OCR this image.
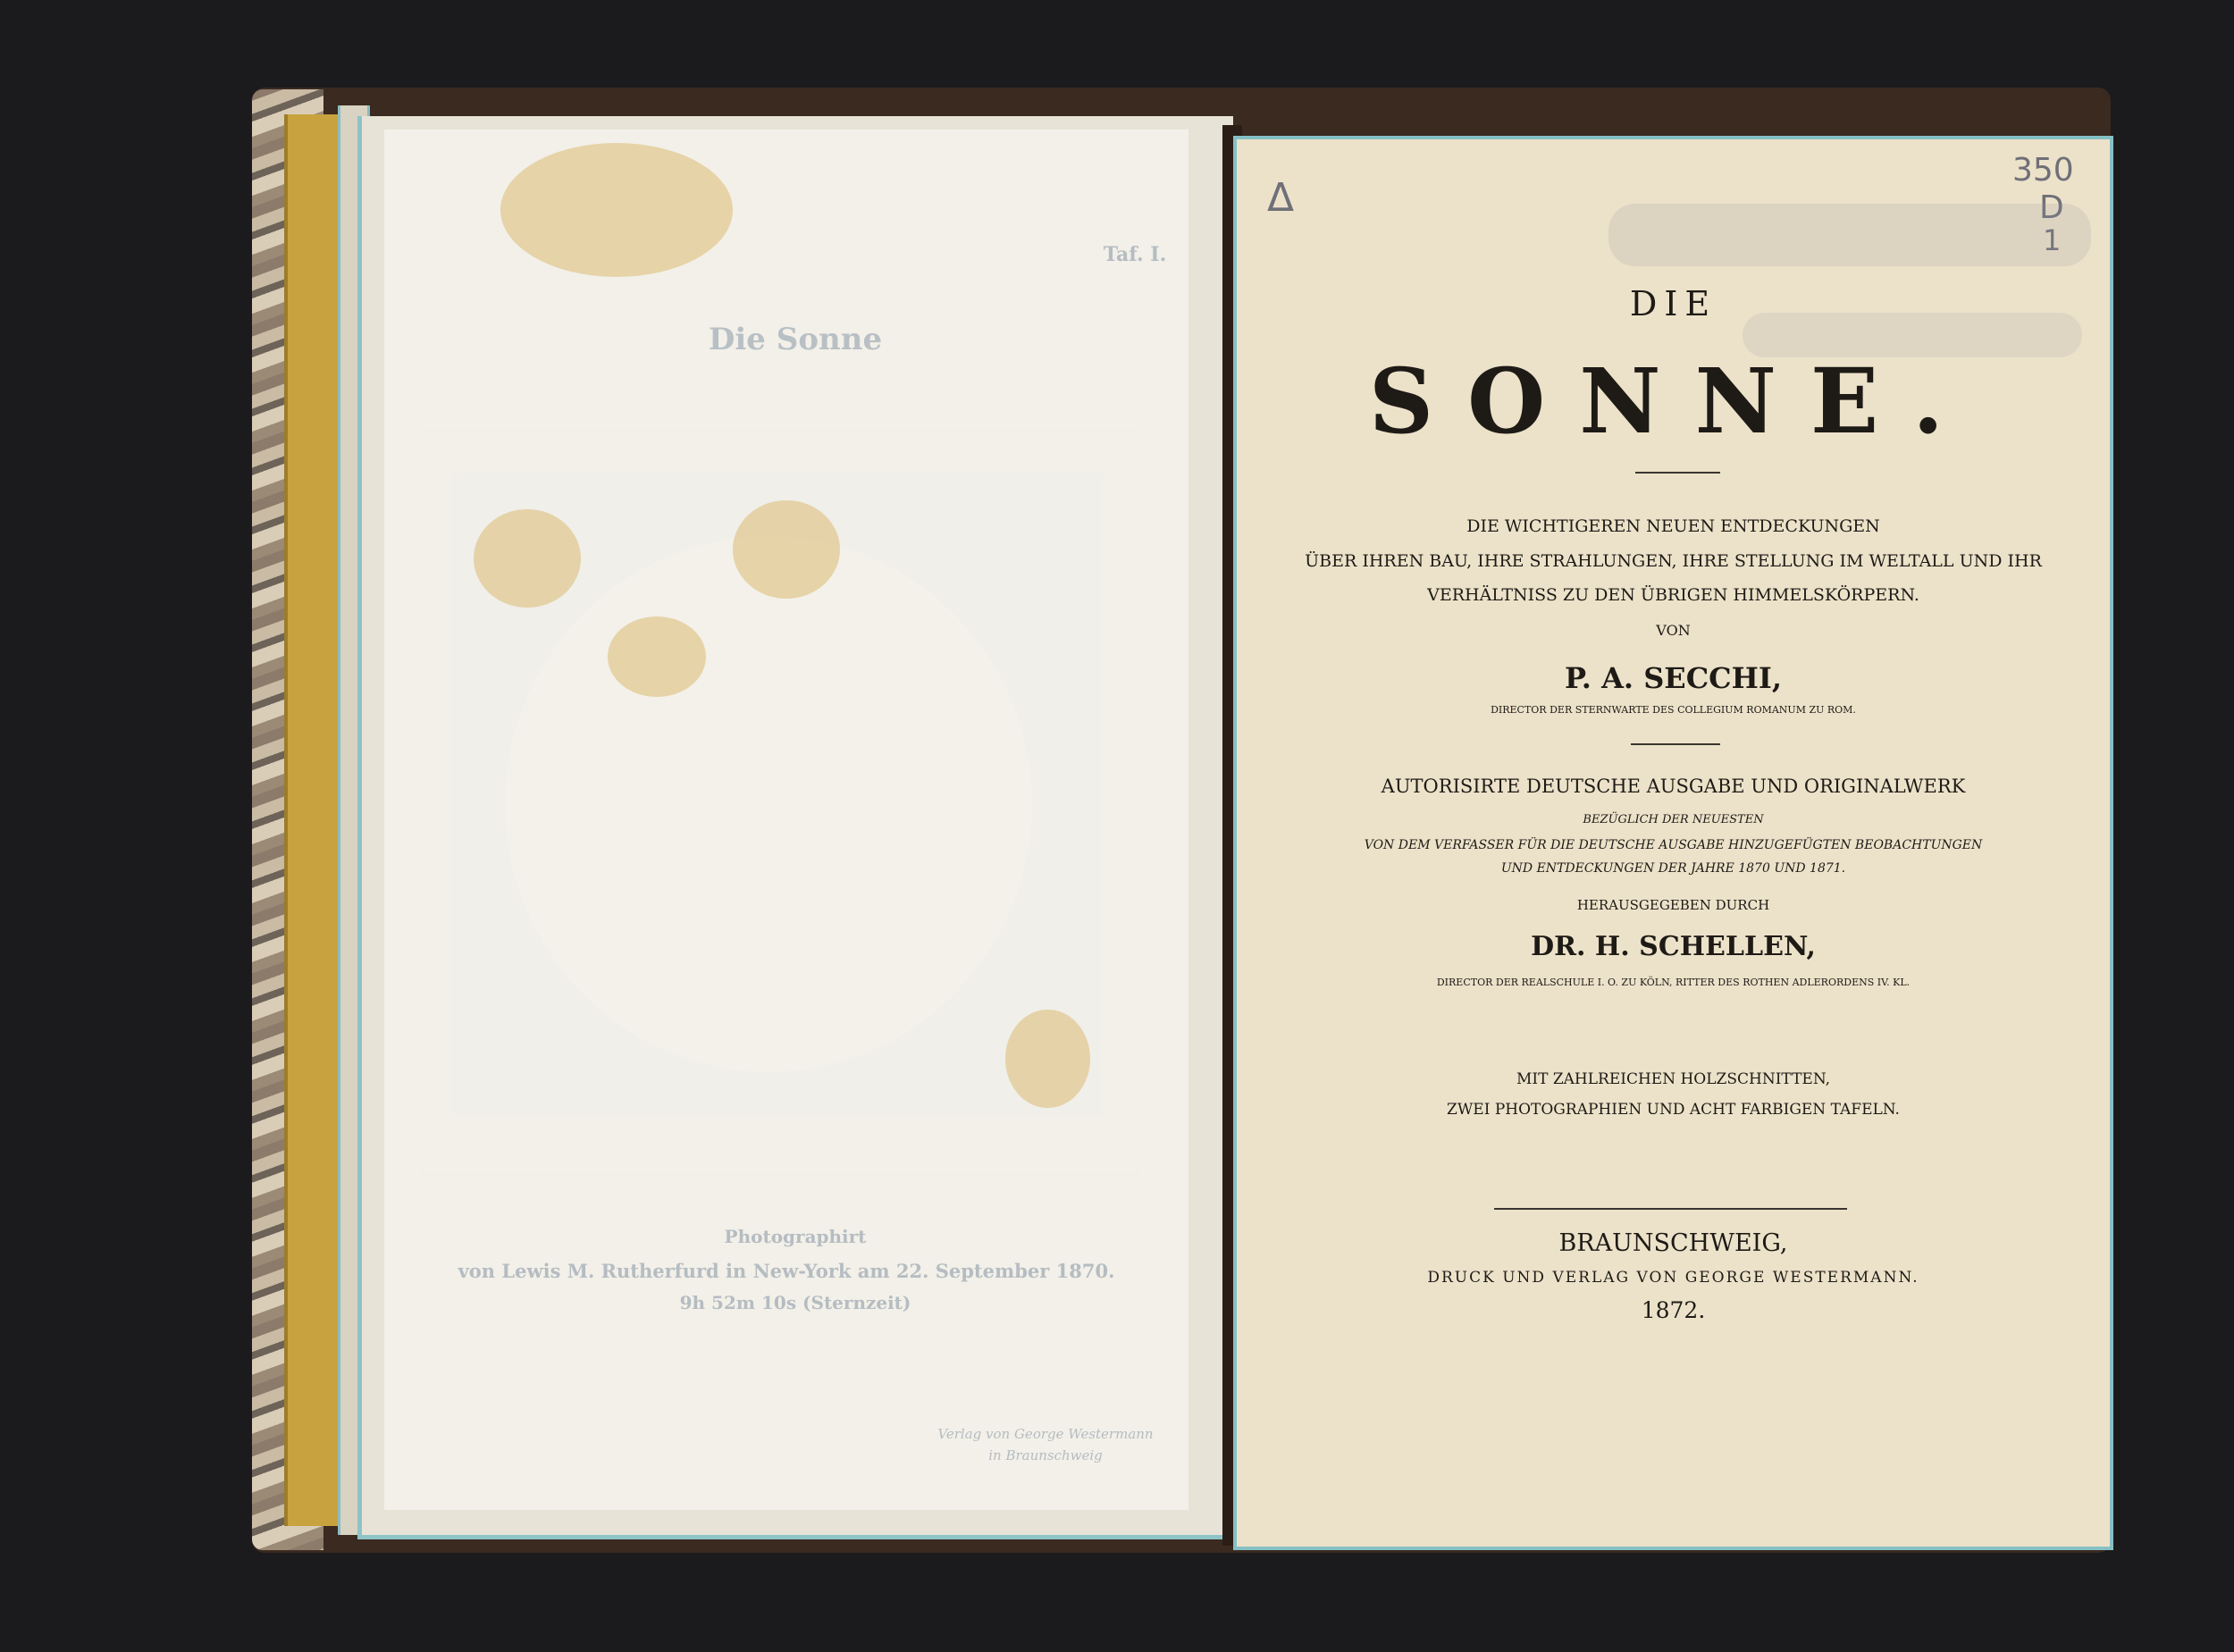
Taf. I.
Die Sonne
Photographirt
von Lewis M. Rutherfurd in New-York am 22. September 1870.
9h 52m 10s (Sternzeit)
Verlag von George Westermann
in Braunschweig
Δ
350
D
1
DIE
SONNE.
DIE WICHTIGEREN NEUEN ENTDECKUNGEN
ÜBER IHREN BAU, IHRE STRAHLUNGEN, IHRE STELLUNG IM WELTALL UND IHR
VERHÄLTNISS ZU DEN ÜBRIGEN HIMMELSKÖRPERN.
VON
P. A. SECCHI,
DIRECTOR DER STERNWARTE DES COLLEGIUM ROMANUM ZU ROM.
AUTORISIRTE DEUTSCHE AUSGABE UND ORIGINALWERK
BEZÜGLICH DER NEUESTEN
VON DEM VERFASSER FÜR DIE DEUTSCHE AUSGABE HINZUGEFÜGTEN BEOBACHTUNGEN
UND ENTDECKUNGEN DER JAHRE 1870 UND 1871.
HERAUSGEGEBEN DURCH
DR. H. SCHELLEN,
DIRECTOR DER REALSCHULE I. O. ZU KÖLN, RITTER DES ROTHEN ADLERORDENS IV. KL.
MIT ZAHLREICHEN HOLZSCHNITTEN,
ZWEI PHOTOGRAPHIEN UND ACHT FARBIGEN TAFELN.
BRAUNSCHWEIG,
DRUCK UND VERLAG VON GEORGE WESTERMANN.
1872.
